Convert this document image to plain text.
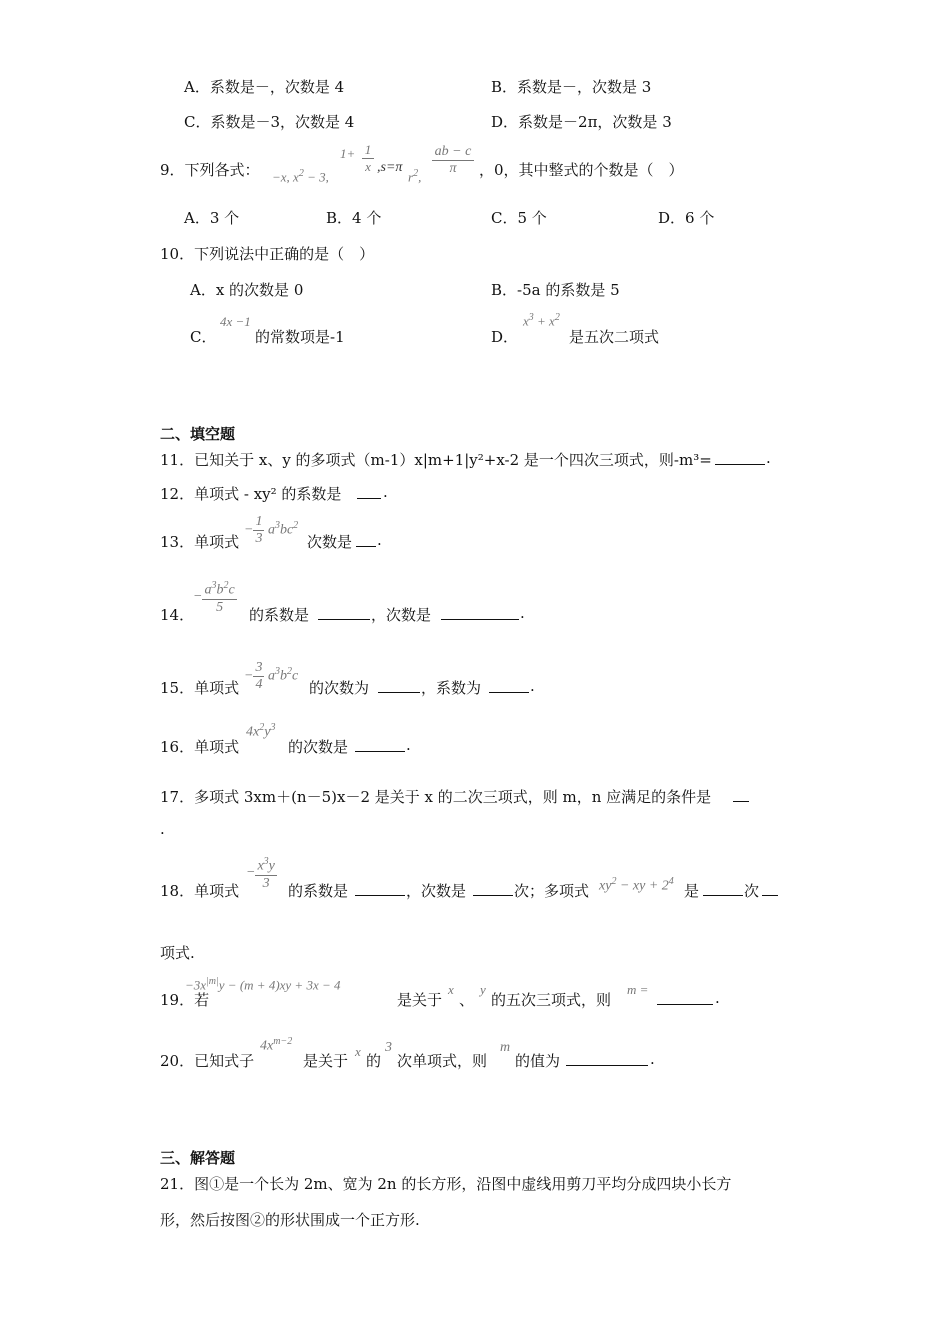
A．系数是－，次数是 4	B．系数是－，次数是 3
C．系数是－3，次数是 4	D．系数是－2π，次数是 3
9．下列各式： −x, $x^2 - 3$,
1+ 1
x ,s=π
$r^2$,
ab − c
π	，0，其中整式的个数是（　）
A．3 个	B．4 个	C．5 个	D．6 个
10．下列说法中正确的是（　）
A．x 的次数是 0	B．-5a 的系数是 5
C．
4x −1
的常数项是-1	D．
$x^3 + x^2$
是五次二项式
二、填空题
11．已知关于 x、y 的多项式（m-1）x|m+1|y²+x-2 是一个四次三项式，则-m³=	.
12．单项式 - xy² 的系数是	.
13．单项式
− $\frac{1}{3} a^3bc^2$
次数是 .
14．
− $\frac{a^3b^2c}{5}$ 的系数是	，次数是	.
15．单项式
− $\frac{3}{4} a^3b^2c$
的次数为	，系数为	.
16．单项式
$4x^2y^3$
的次数是	.
17．多项式 3xm＋(n－5)x－2 是关于 x 的二次三项式，则 m，n 应满足的条件是
.
18．单项式
− $\frac{x^3y}{3}$ 的系数是	，次数是	次；多项式 $xy^2$ − xy + $2^4$
是	次
项式.
19．若
$-3x^{|m|}y - (m + 4)xy + 3x - 4$
是关于
x
、
y
的五次三项式，则
m =	.
20．已知式子
$4x^{m-2}$
是关于
x
的
3
次单项式，则
m
的值为	.
三、解答题
21．图①是一个长为 2m、宽为 2n 的长方形，沿图中虚线用剪刀平均分成四块小长方
形，然后按图②的形状围成一个正方形.
